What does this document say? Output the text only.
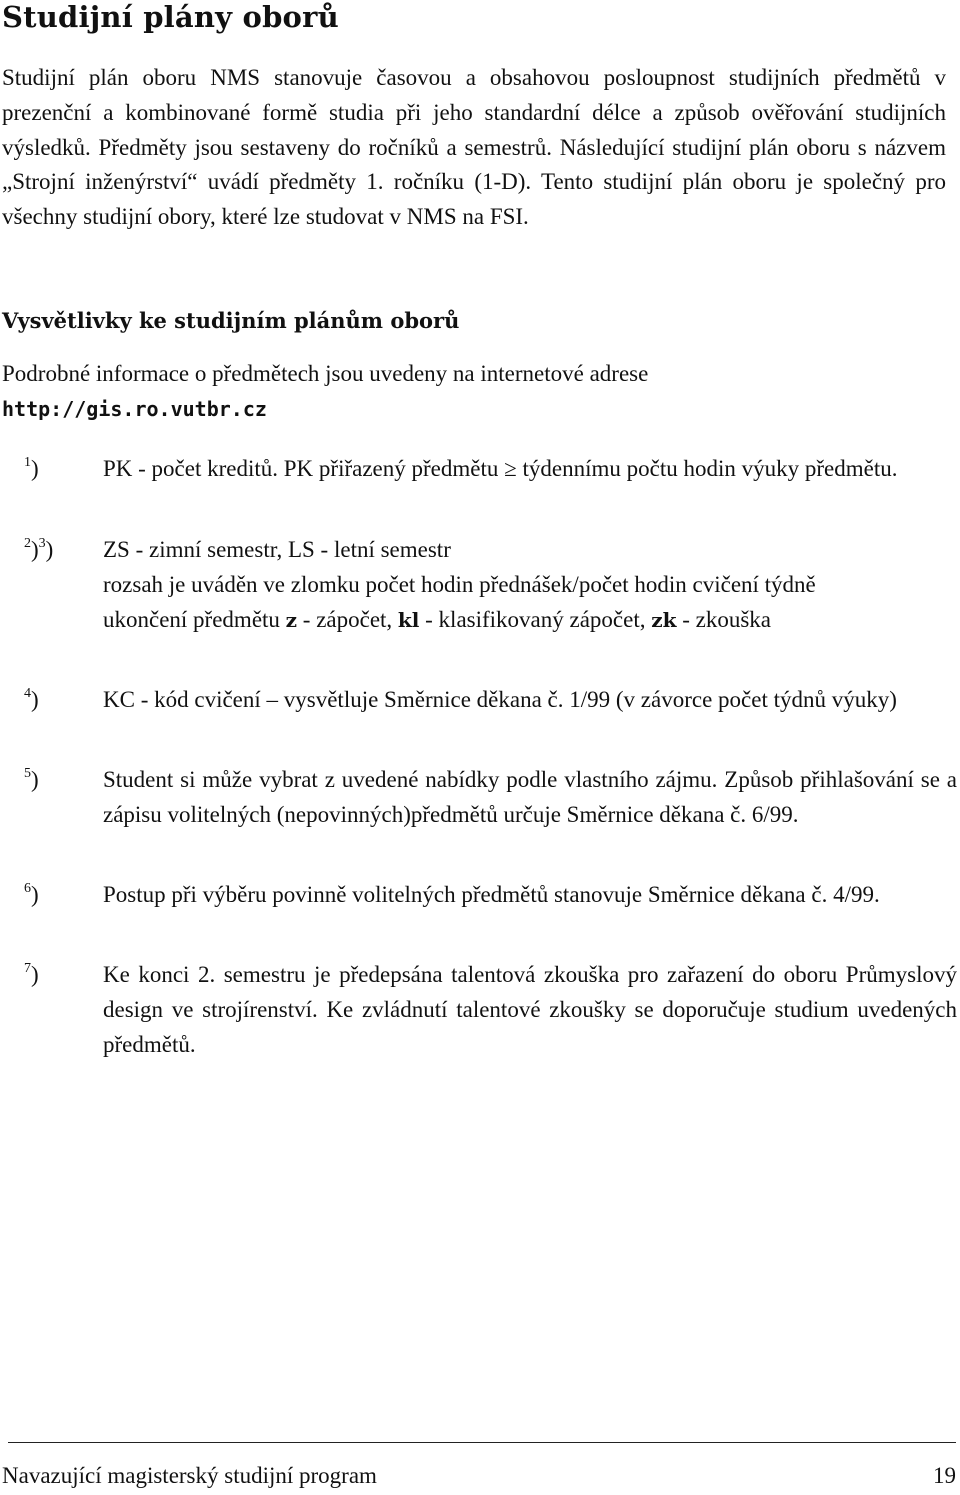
Studijní plány oborů

Studijní plán oboru NMS stanovuje časovou a obsahovou posloupnost studijních předmětů v prezenční a kombinované formě studia při jeho standardní délce a způsob ověřování studijních výsledků. Předměty jsou sestaveny do ročníků a semestrů. Následující studijní plán oboru s názvem „Strojní inženýrství“ uvádí předměty 1. ročníku (1-D). Tento studijní plán oboru je společný pro všechny studijní obory, které lze studovat v NMS na FSI.

Vysvětlivky ke studijním plánům oborů

Podrobné informace o předmětech jsou uvedeny na internetové adrese
http://gis.ro.vutbr.cz

$^1$)	PK - počet kreditů. PK přiřazený předmětu ≥ týdennímu počtu hodin výuky předmětu.
$^2$)$^3$) ZS - zimní semestr, LS - letní semestr
rozsah je uváděn ve zlomku počet hodin přednášek/počet hodin cvičení týdně
ukončení předmětu z - zápočet, kl - klasifikovaný zápočet, zk - zkouška
$^4$)	KC - kód cvičení – vysvětluje Směrnice děkana č. 1/99 (v závorce počet týdnů výuky)
$^5$)	Student si může vybrat z uvedené nabídky podle vlastního zájmu. Způsob přihlašování se a zápisu volitelných (nepovinných)předmětů určuje Směrnice děkana č. 6/99.
$^6$)	Postup při výběru povinně volitelných předmětů stanovuje Směrnice děkana č. 4/99.
$^7$)	Ke konci 2. semestru je předepsána talentová zkouška pro zařazení do oboru Průmyslový design ve strojírenství. Ke zvládnutí talentové zkoušky se doporučuje studium uvedených předmětů.
Navazující magisterský studijní program	19
